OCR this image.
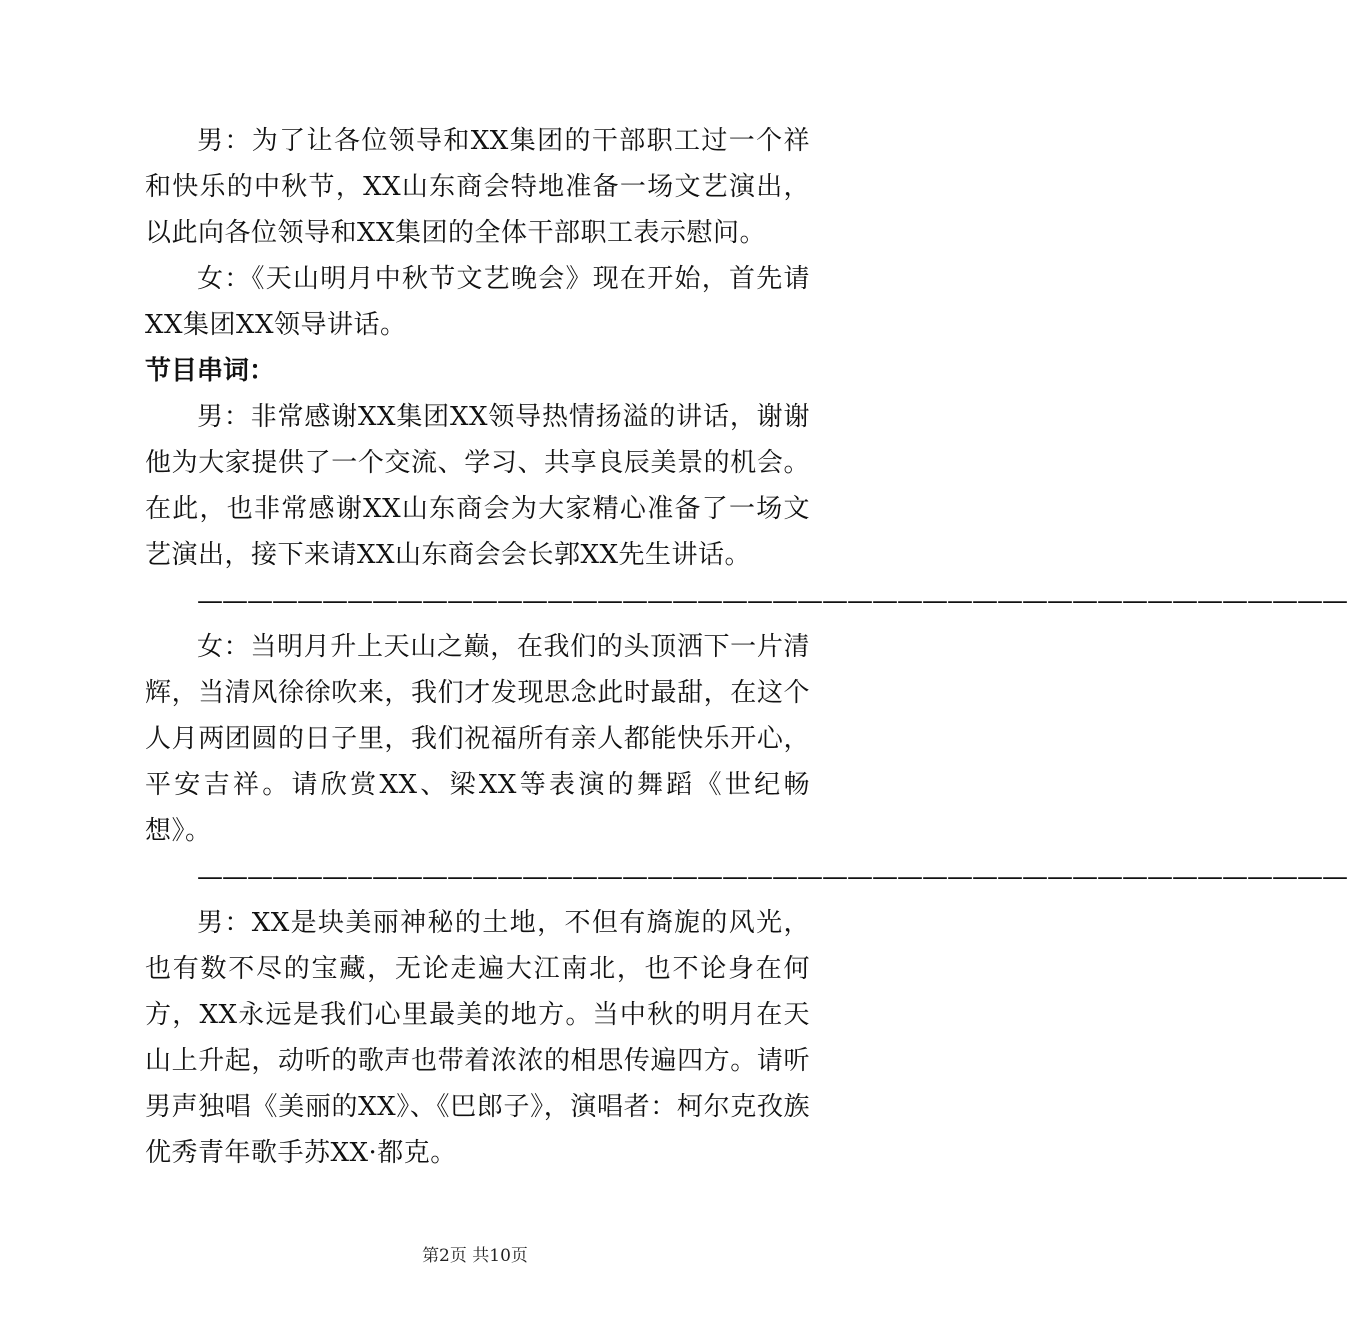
男：为了让各位领导和XX集团的干部职工过一个祥和快乐的中秋节，XX山东商会特地准备一场文艺演出，以此向各位领导和XX集团的全体干部职工表示慰问。

女：《天山明月中秋节文艺晚会》现在开始，首先请XX集团XX领导讲话。

节目串词：

男：非常感谢XX集团XX领导热情扬溢的讲话，谢谢他为大家提供了一个交流、学习、共享良辰美景的机会。在此，也非常感谢XX山东商会为大家精心准备了一场文艺演出，接下来请XX山东商会会长郭XX先生讲话。

——————————————————————————————————————————————

女：当明月升上天山之巅，在我们的头顶洒下一片清辉，当清风徐徐吹来，我们才发现思念此时最甜，在这个人月两团圆的日子里，我们祝福所有亲人都能快乐开心，平安吉祥。请欣赏XX、梁XX等表演的舞蹈《世纪畅想》。

——————————————————————————————————————————————

男：XX是块美丽神秘的土地，不但有旖旎的风光，也有数不尽的宝藏，无论走遍大江南北，也不论身在何方，XX永远是我们心里最美的地方。当中秋的明月在天山上升起，动听的歌声也带着浓浓的相思传遍四方。请听男声独唱《美丽的XX》、《巴郎子》，演唱者：柯尔克孜族优秀青年歌手苏XX·都克。

第2页 共10页
